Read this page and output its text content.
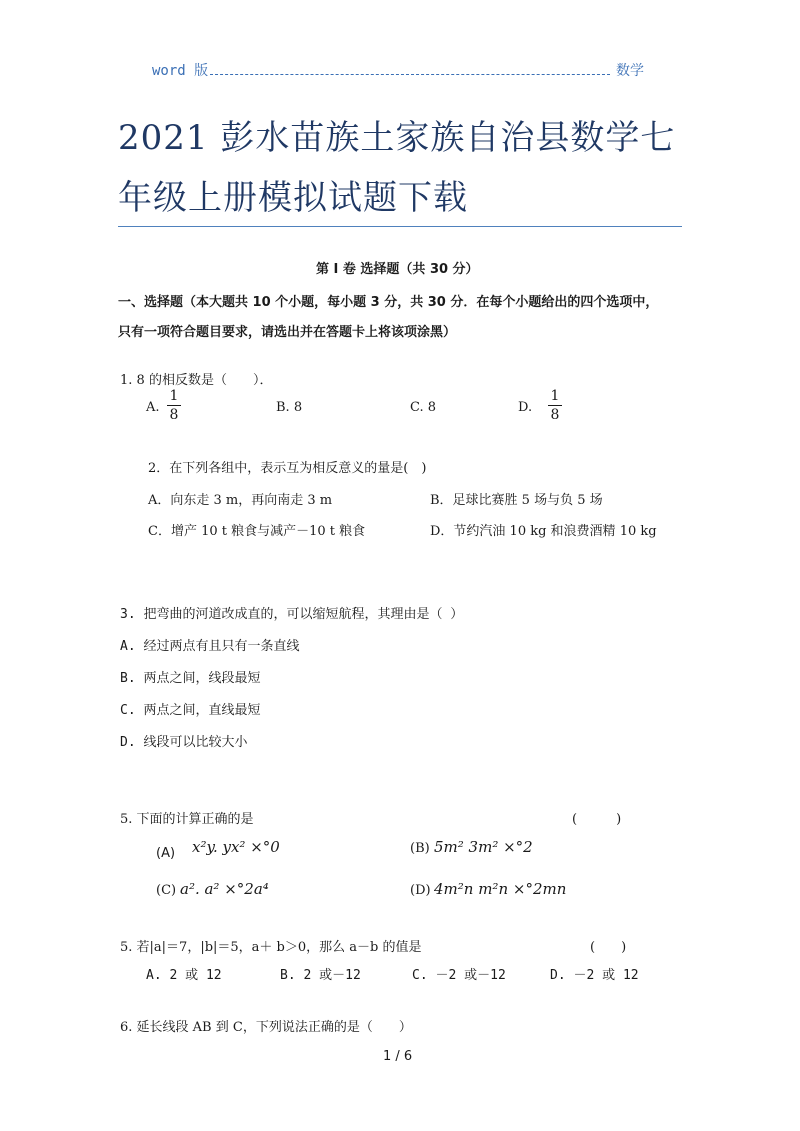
word 版	数学
2021 彭水苗族土家族自治县数学七
年级上册模拟试题下载
第 I 卷 选择题（共 30 分）
一、选择题（本大题共 10 个小题，每小题 3 分，共 30 分．在每个小题给出的四个选项中，
只有一项符合题目要求，请选出并在答题卡上将该项涂黑）
1. 8 的相反数是（　　）．
A.
1
8	B. 8	C. 8	D.
1
8
2．在下列各组中，表示互为相反意义的量是(　)
A．向东走 3 m，再向南走 3 m	B．足球比赛胜 5 场与负 5 场
C．增产 10 t 粮食与减产－10 t 粮食	D．节约汽油 10 kg 和浪费酒精 10 kg
3. 把弯曲的河道改成直的，可以缩短航程，其理由是（ ）
A. 经过两点有且只有一条直线
B. 两点之间，线段最短
C. 两点之间，直线最短
D. 线段可以比较大小
5. 下面的计算正确的是	(　　　)
(A) x²y. yx² ×°0	(B) 5m² 3m² ×°2
(C) a². a² ×°2a⁴	(D) 4m²n m²n ×°2mn
5. 若|a|＝7，|b|＝5，a＋ b＞0，那么 a－b 的值是	(　　)
A. 2 或 12	B. 2 或－12	C. －2 或－12	D. －2 或 12
6. 延长线段 AB 到 C，下列说法正确的是（　　）
1 / 6
